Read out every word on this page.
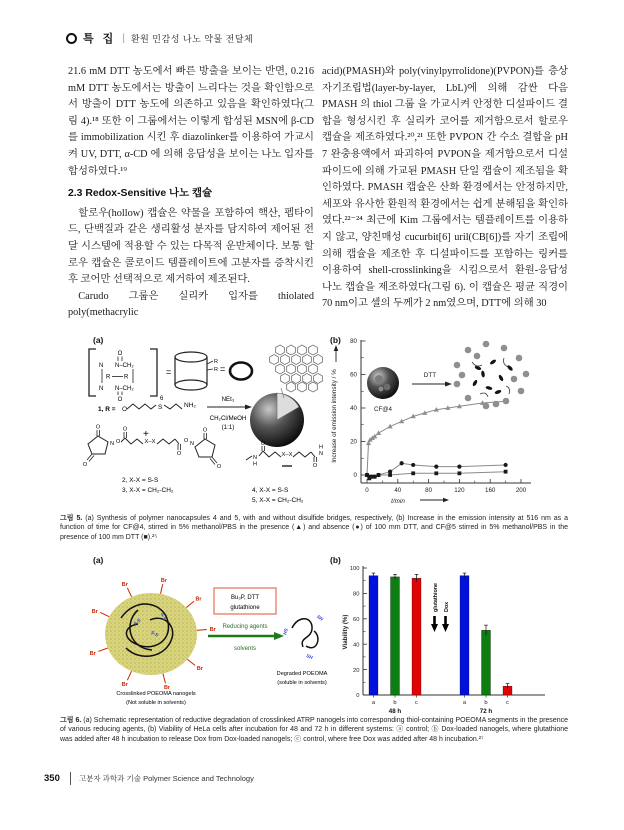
특 집 | 환원 민감성 나노 약물 전달체

21.6 mM DTT 농도에서 빠른 방출을 보이는 반면, 0.216 mM DTT 농도에서는 방출이 느리다는 것을 확인함으로서 방출이 DTT 농도에 의존하고 있음을 확인하였다(그림 4).¹⁸ 또한 이 그룹에서는 이렇게 합성된 MSN에 β-CD를 immobilization 시킨 후 diazolinker를 이용하여 가교시켜 UV, DTT, α-CD 에 의해 응답성을 보이는 나노 입자를 합성하였다.¹⁹

2.3 Redox-Sensitive 나노 캡슐

할로우(hollow) 캡슐은 약물을 포함하여 핵산, 펩타이드, 단백질과 같은 생리활성 분자를 담지하여 제어된 전달 시스템에 적용할 수 있는 다목적 운반체이다. 보통 할로우 캡슐은 콜로이드 템플레이트에 고분자를 증착시킨 후 코어만 선택적으로 제거하여 제조된다.

Carudo 그룹은 실리카 입자를 thiolated poly(methacrylic

acid)(PMASH)와 poly(vinylpyrrolidone)(PVPON)를 층상자기조립법(layer-by-layer, LbL)에 의해 감싼 다음 PMASH 의 thiol 그룹 을 가교시켜 안정한 디설파이드 결합을 형성시킨 후 실리카 코어를 제거함으로서 할로우 캡슐을 제조하였다.²⁰,²¹ 또한 PVPON 간 수소 결합을 pH 7 완충용액에서 파괴하여 PVPON을 제거함으로서 디설파이드에 의해 가교된 PMASH 단일 캡슐이 제조됨을 확인하였다. PMASH 캡슐은 산화 환경에서는 안정하지만, 세포와 유사한 환원적 환경에서는 쉽게 분해됨을 확인하였다.²²⁻²⁴ 최근에 Kim 그룹에서는 템플레이트를 이용하지 않고, 양친매성 cucurbit[6] uril(CB[6])를 자기 조립에 의해 캡슐을 제조한 후 디설파이드를 포함하는 링커를 이용하여 shell-crosslinking을 시킴으로서 환원-응답성 나노 캡슐을 제조하였다(그림 6). 이 캡슐은 평균 직경이 70 nm이고 셀의 두께가 2 nm였으며, DTT에 의해 30

(a)	(b)
6
O
N N–CH₂
R R
N N–CH₂
O
=
R
R =
1, R = O	S	NH₂
+
O
O
N O
O
X–X
O
O N
O
O
2, X-X = S-S
3, X-X = CH₂-CH₂
NEt₃
CH₂Cl/MeOH
(1:1)
N
H
O
X–X
O
N
H
4, X-X = S-S
5, X-X = CH₂-CH₂
0
20
40
60
80
0	40	80	120	160	200
Increase of emission intensity / %
t/min
CF@4
DTT
그림 5. (a) Synthesis of polymer nanocapsules 4 and 5, with and without disulfide bridges, respectively, (b) Increase in the emission intensity at 516 nm as a function of time for CF@4, stirred in 5% methanol/PBS in the presence (▲) and absence (●) of 100 mm DTT, and CF@5 stirred in 5% methanol/PBS in the presence of 100 mm DTT (■).²⁵
(a)	(b)
Br
Br
Br
Br
Br
Br
Br
Br
Br
S-S
S-S
S-S
Bu₃P, DTT
glutathione
Reducing agents
solvents
HS
SH
SH
Crosslinked POEOMA nanogels
(Not soluble in solvents)
Degraded POEOMA
(soluble in solvents)
0
20
40
60
80
100
Viability (%)
a	b	c
48 h
a	b	c
72 h
glutathione Dox
그림 6. (a) Schematic representation of reductive degradation of crosslinked ATRP nanogels into corresponding thiol-containing POEOMA segments in the presence of various reducing agents, (b) Viability of HeLa cells after incubation for 48 and 72 h in different systems: ⓐ control; ⓑ Dox-loaded nanogels, where glutathione was added after 48 h incubation to release Dox from Dox-loaded nanogels; ⓒ control, where free Dox was added after 48 h incubation.²⁷
350	고분자 과학과 기술 Polymer Science and Technology
